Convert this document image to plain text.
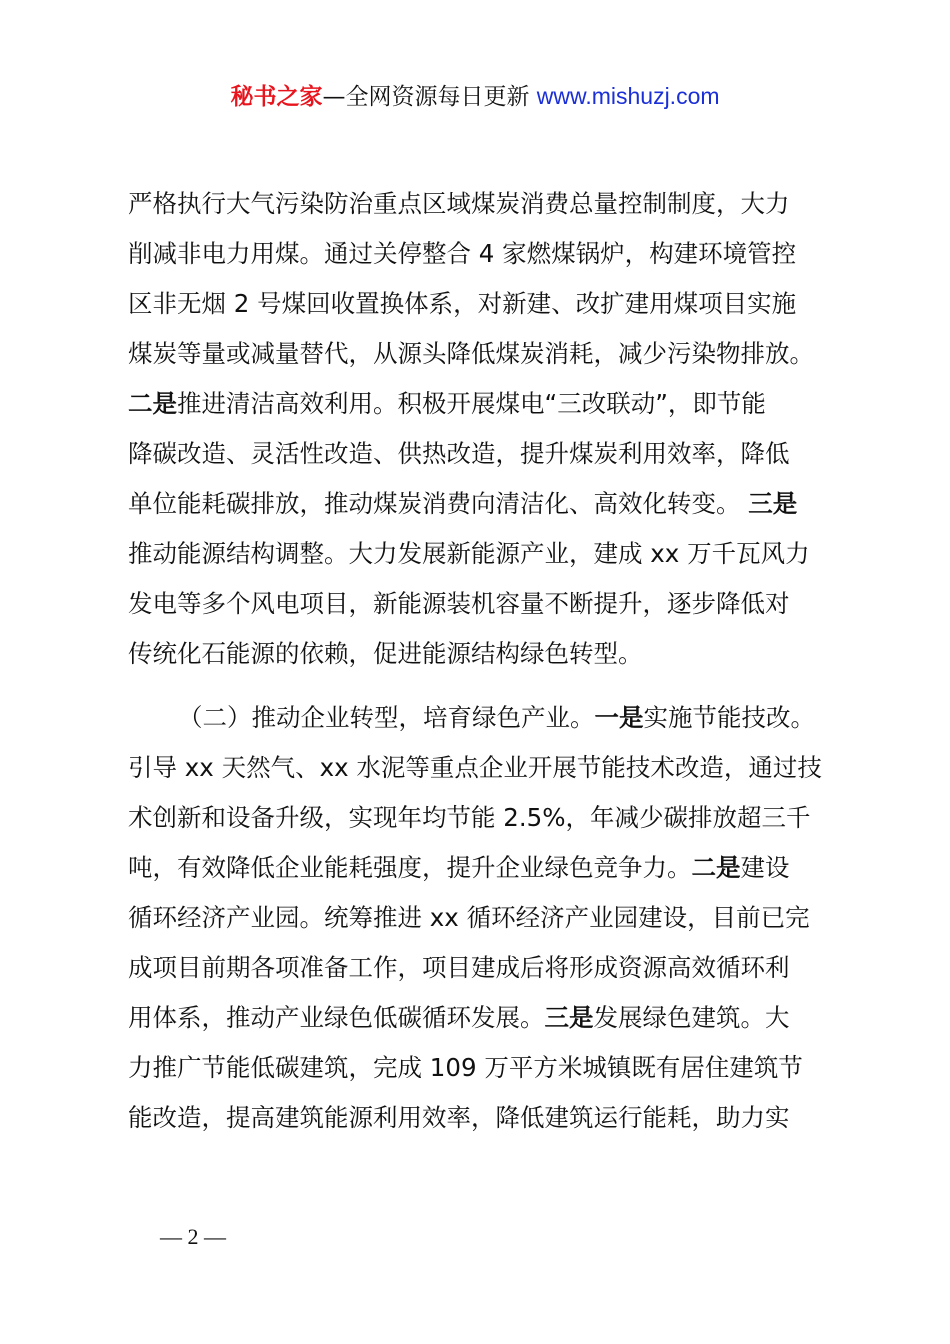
秘书之家—全网资源每日更新 www.mishuzj.com
严格执行大气污染防治重点区域煤炭消费总量控制制度，大力
削减非电力用煤。通过关停整合 4 家燃煤锅炉，构建环境管控
区非无烟 2 号煤回收置换体系，对新建、改扩建用煤项目实施
煤炭等量或减量替代，从源头降低煤炭消耗，减少污染物排放。
二是推进清洁高效利用。积极开展煤电“三改联动”，即节能
降碳改造、灵活性改造、供热改造，提升煤炭利用效率，降低
单位能耗碳排放，推动煤炭消费向清洁化、高效化转变。 三是
推动能源结构调整。大力发展新能源产业，建成 xx 万千瓦风力
发电等多个风电项目，新能源装机容量不断提升，逐步降低对
传统化石能源的依赖，促进能源结构绿色转型。
（二）推动企业转型，培育绿色产业。一是实施节能技改。
引导 xx 天然气、xx 水泥等重点企业开展节能技术改造，通过技
术创新和设备升级，实现年均节能 2.5%，年减少碳排放超三千
吨，有效降低企业能耗强度，提升企业绿色竞争力。二是建设
循环经济产业园。统筹推进 xx 循环经济产业园建设，目前已完
成项目前期各项准备工作，项目建成后将形成资源高效循环利
用体系，推动产业绿色低碳循环发展。三是发展绿色建筑。大
力推广节能低碳建筑，完成 109 万平方米城镇既有居住建筑节
能改造，提高建筑能源利用效率，降低建筑运行能耗，助力实
— 2 —
